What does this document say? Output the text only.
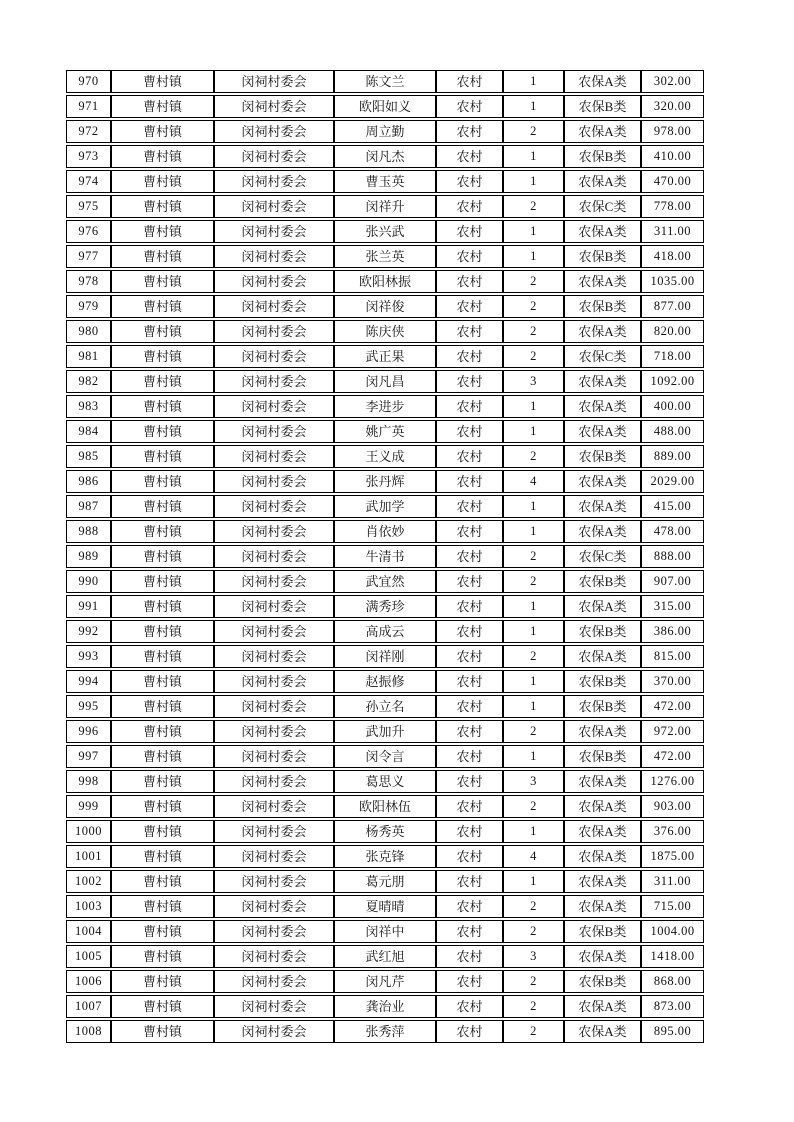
970	曹村镇	闵祠村委会	陈文兰	农村	1	农保A类	302.00
971	曹村镇	闵祠村委会	欧阳如义	农村	1	农保B类	320.00
972	曹村镇	闵祠村委会	周立勤	农村	2	农保A类	978.00
973	曹村镇	闵祠村委会	闵凡杰	农村	1	农保B类	410.00
974	曹村镇	闵祠村委会	曹玉英	农村	1	农保A类	470.00
975	曹村镇	闵祠村委会	闵祥升	农村	2	农保C类	778.00
976	曹村镇	闵祠村委会	张兴武	农村	1	农保A类	311.00
977	曹村镇	闵祠村委会	张兰英	农村	1	农保B类	418.00
978	曹村镇	闵祠村委会	欧阳林振	农村	2	农保A类	1035.00
979	曹村镇	闵祠村委会	闵祥俊	农村	2	农保B类	877.00
980	曹村镇	闵祠村委会	陈庆侠	农村	2	农保A类	820.00
981	曹村镇	闵祠村委会	武正果	农村	2	农保C类	718.00
982	曹村镇	闵祠村委会	闵凡昌	农村	3	农保A类	1092.00
983	曹村镇	闵祠村委会	李进步	农村	1	农保A类	400.00
984	曹村镇	闵祠村委会	姚广英	农村	1	农保A类	488.00
985	曹村镇	闵祠村委会	王义成	农村	2	农保B类	889.00
986	曹村镇	闵祠村委会	张丹辉	农村	4	农保A类	2029.00
987	曹村镇	闵祠村委会	武加学	农村	1	农保A类	415.00
988	曹村镇	闵祠村委会	肖依妙	农村	1	农保A类	478.00
989	曹村镇	闵祠村委会	牛清书	农村	2	农保C类	888.00
990	曹村镇	闵祠村委会	武宜然	农村	2	农保B类	907.00
991	曹村镇	闵祠村委会	满秀珍	农村	1	农保A类	315.00
992	曹村镇	闵祠村委会	高成云	农村	1	农保B类	386.00
993	曹村镇	闵祠村委会	闵祥刚	农村	2	农保A类	815.00
994	曹村镇	闵祠村委会	赵振修	农村	1	农保B类	370.00
995	曹村镇	闵祠村委会	孙立名	农村	1	农保B类	472.00
996	曹村镇	闵祠村委会	武加升	农村	2	农保A类	972.00
997	曹村镇	闵祠村委会	闵令言	农村	1	农保B类	472.00
998	曹村镇	闵祠村委会	葛思义	农村	3	农保A类	1276.00
999	曹村镇	闵祠村委会	欧阳林伍	农村	2	农保A类	903.00
1000	曹村镇	闵祠村委会	杨秀英	农村	1	农保A类	376.00
1001	曹村镇	闵祠村委会	张克锋	农村	4	农保A类	1875.00
1002	曹村镇	闵祠村委会	葛元朋	农村	1	农保A类	311.00
1003	曹村镇	闵祠村委会	夏晴晴	农村	2	农保A类	715.00
1004	曹村镇	闵祠村委会	闵祥中	农村	2	农保B类	1004.00
1005	曹村镇	闵祠村委会	武红旭	农村	3	农保A类	1418.00
1006	曹村镇	闵祠村委会	闵凡芹	农村	2	农保B类	868.00
1007	曹村镇	闵祠村委会	龚治业	农村	2	农保A类	873.00
1008	曹村镇	闵祠村委会	张秀萍	农村	2	农保A类	895.00
